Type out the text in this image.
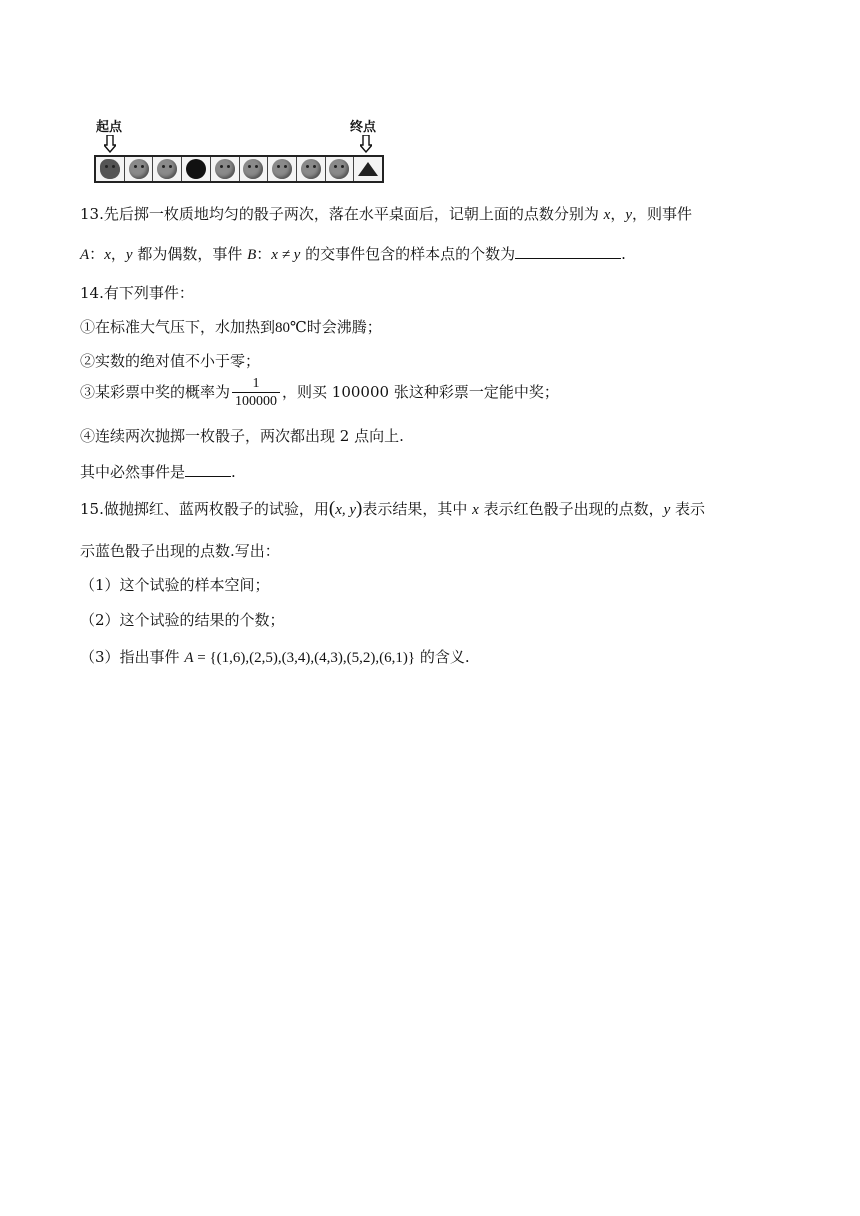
起点	终点
13.先后掷一枚质地均匀的骰子两次，落在水平桌面后，记朝上面的点数分别为 x，y，则事件
A：x，y 都为偶数，事件 B：x ≠ y 的交事件包含的样本点的个数为	.
14.有下列事件：
①在标准大气压下，水加热到80℃时会沸腾；
②实数的绝对值不小于零；
③某彩票中奖的概率为 $\frac{1}{100000}$ ，则买 100000 张这种彩票一定能中奖；
④连续两次抛掷一枚骰子，两次都出现 2 点向上.
其中必然事件是	.
15.做抛掷红、蓝两枚骰子的试验，用(x, y)表示结果，其中 x 表示红色骰子出现的点数，y 表示
示蓝色骰子出现的点数.写出：
（1）这个试验的样本空间；
（2）这个试验的结果的个数；
（3）指出事件 A = {(1,6),(2,5),(3,4),(4,3),(5,2),(6,1)} 的含义.
